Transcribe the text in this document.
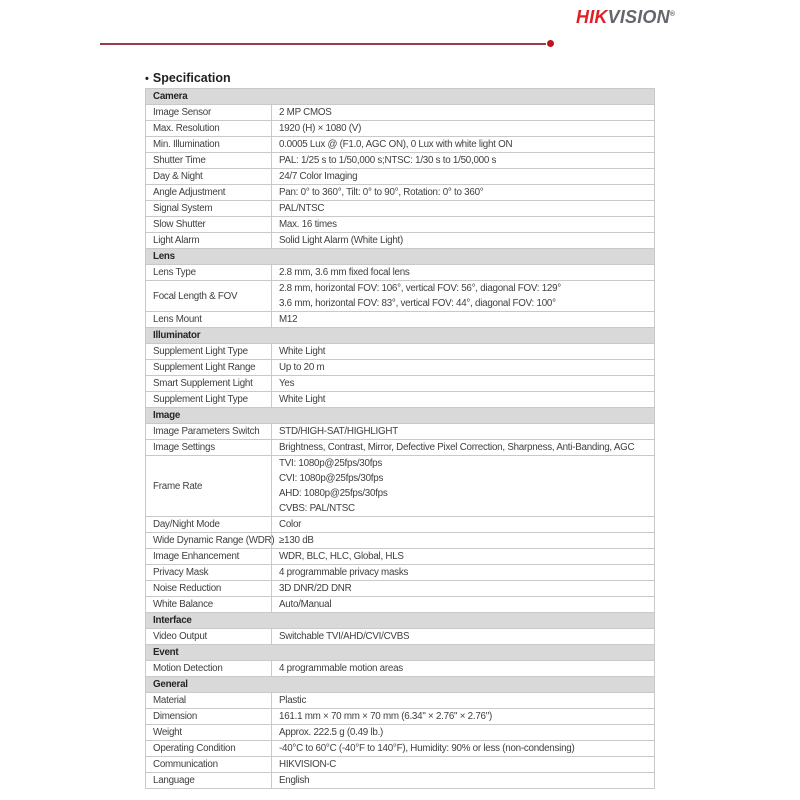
HIKVISION®
• Specification
Camera	
Image Sensor	2 MP CMOS
Max. Resolution	1920 (H) × 1080 (V)
Min. Illumination	0.0005 Lux @ (F1.0, AGC ON), 0 Lux with white light ON
Shutter Time	PAL: 1/25 s to 1/50,000 s;NTSC: 1/30 s to 1/50,000 s
Day & Night	24/7 Color Imaging
Angle Adjustment	Pan: 0° to 360°, Tilt: 0° to 90°, Rotation: 0° to 360°
Signal System	PAL/NTSC
Slow Shutter	Max. 16 times
Light Alarm	Solid Light Alarm (White Light)
Lens	
Lens Type	2.8 mm, 3.6 mm fixed focal lens
Focal Length & FOV	2.8 mm, horizontal FOV: 106°, vertical FOV: 56°, diagonal FOV: 129°
3.6 mm, horizontal FOV: 83°, vertical FOV: 44°, diagonal FOV: 100°

Lens Mount	M12
Illuminator	
Supplement Light Type	White Light
Supplement Light Range	Up to 20 m
Smart Supplement Light	Yes
Supplement Light Type	White Light
Image	
Image Parameters Switch	STD/HIGH-SAT/HIGHLIGHT
Image Settings	Brightness, Contrast, Mirror, Defective Pixel Correction, Sharpness, Anti-Banding, AGC
Frame Rate	TVI: 1080p@25fps/30fps
CVI: 1080p@25fps/30fps
AHD: 1080p@25fps/30fps
CVBS: PAL/NTSC

Day/Night Mode	Color
Wide Dynamic Range (WDR)	≥130 dB
Image Enhancement	WDR, BLC, HLC, Global, HLS
Privacy Mask	4 programmable privacy masks
Noise Reduction	3D DNR/2D DNR
White Balance	Auto/Manual
Interface	
Video Output	Switchable TVI/AHD/CVI/CVBS
Event	
Motion Detection	4 programmable motion areas
General	
Material	Plastic
Dimension	161.1 mm × 70 mm × 70 mm (6.34" × 2.76" × 2.76")
Weight	Approx. 222.5 g (0.49 lb.)
Operating Condition	-40°C to 60°C (-40°F to 140°F), Humidity: 90% or less (non-condensing)
Communication	HIKVISION-C
Language	English
